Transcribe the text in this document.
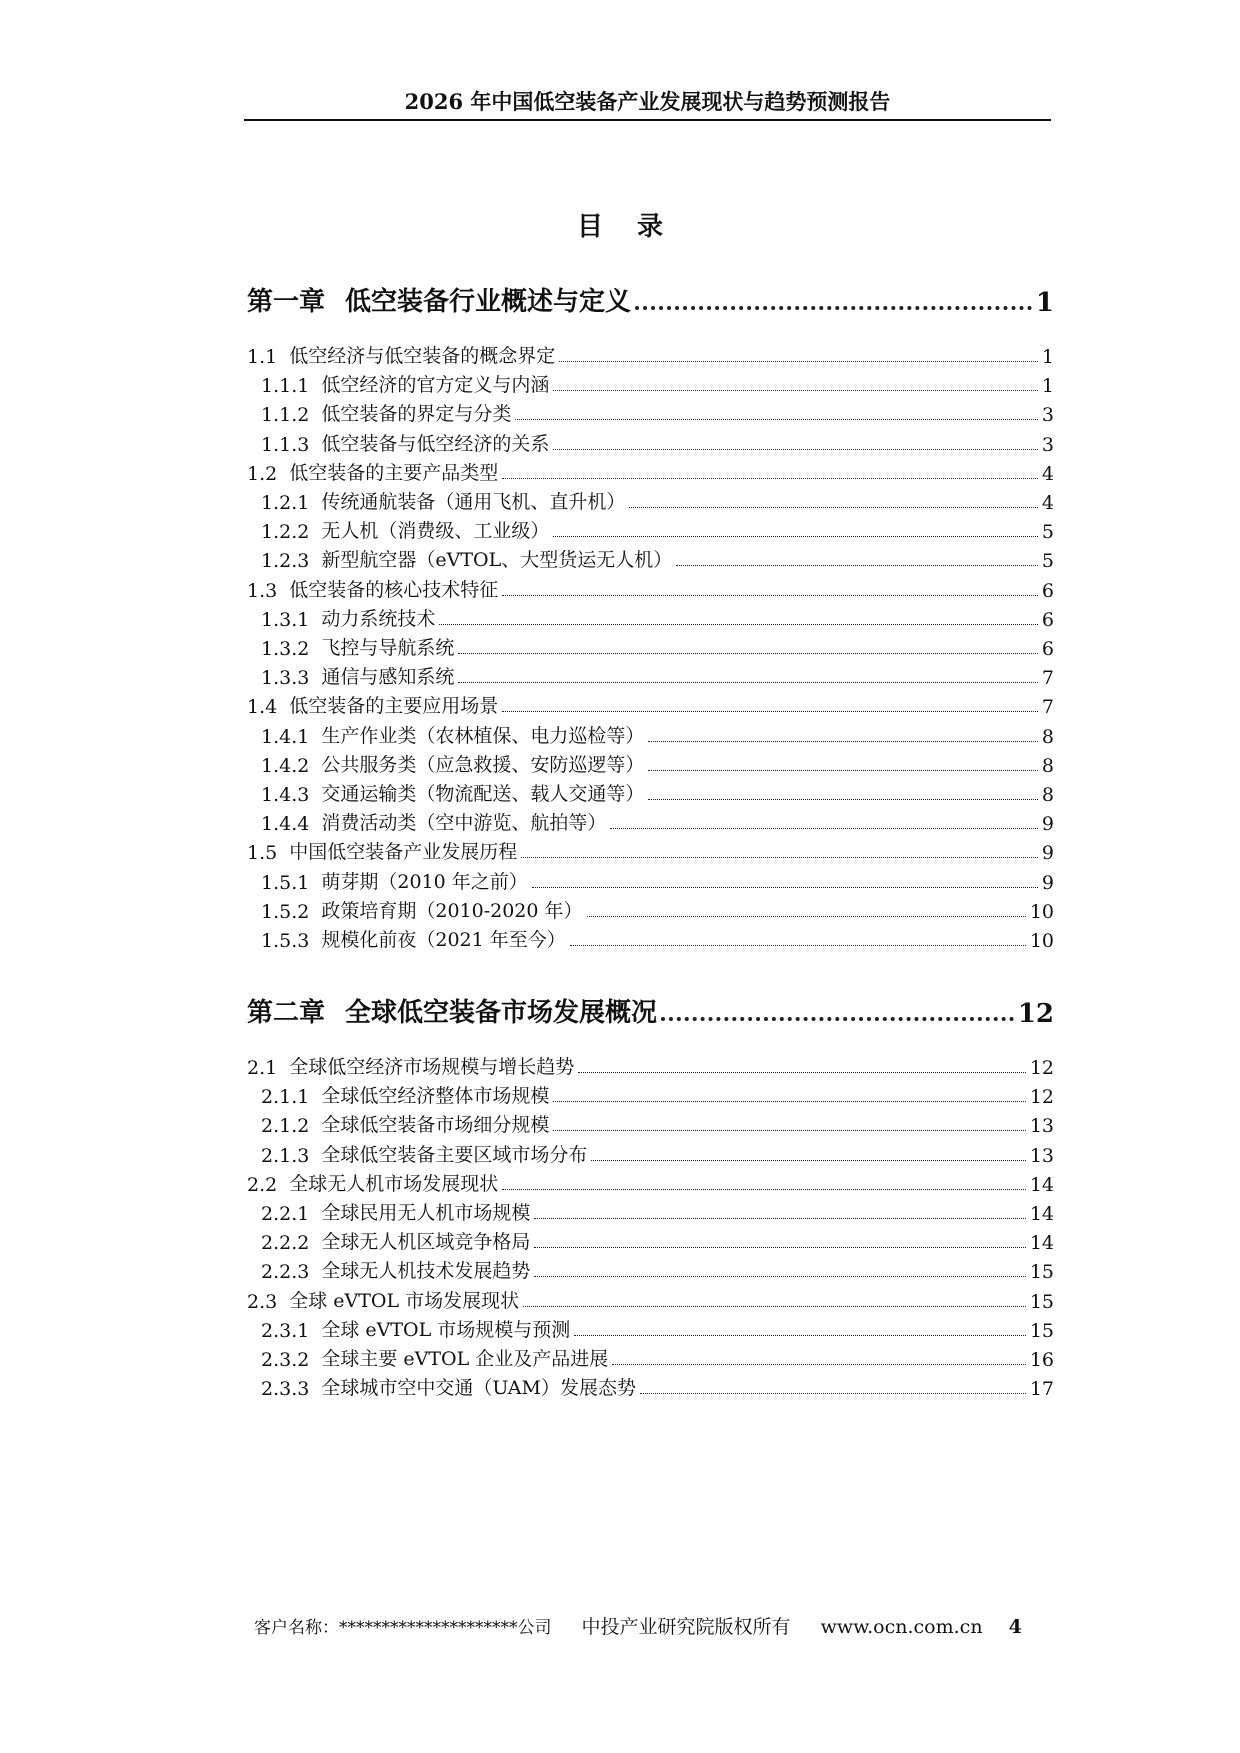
2026 年中国低空装备产业发展现状与趋势预测报告
目录
第一章 低空装备行业概述与定义	1
1.1 低空经济与低空装备的概念界定	1
1.1.1 低空经济的官方定义与内涵	1
1.1.2 低空装备的界定与分类	3
1.1.3 低空装备与低空经济的关系	3
1.2 低空装备的主要产品类型	4
1.2.1 传统通航装备（通用飞机、直升机）	4
1.2.2 无人机（消费级、工业级）	5
1.2.3 新型航空器（eVTOL、大型货运无人机）	5
1.3 低空装备的核心技术特征	6
1.3.1 动力系统技术	6
1.3.2 飞控与导航系统	6
1.3.3 通信与感知系统	7
1.4 低空装备的主要应用场景	7
1.4.1 生产作业类（农林植保、电力巡检等）	8
1.4.2 公共服务类（应急救援、安防巡逻等）	8
1.4.3 交通运输类（物流配送、载人交通等）	8
1.4.4 消费活动类（空中游览、航拍等）	9
1.5 中国低空装备产业发展历程	9
1.5.1 萌芽期（2010 年之前）	9
1.5.2 政策培育期（2010-2020 年）	10
1.5.3 规模化前夜（2021 年至今）	10
第二章 全球低空装备市场发展概况	12
2.1 全球低空经济市场规模与增长趋势	12
2.1.1 全球低空经济整体市场规模	12
2.1.2 全球低空装备市场细分规模	13
2.1.3 全球低空装备主要区域市场分布	13
2.2 全球无人机市场发展现状	14
2.2.1 全球民用无人机市场规模	14
2.2.2 全球无人机区域竞争格局	14
2.2.3 全球无人机技术发展趋势	15
2.3 全球 eVTOL 市场发展现状	15
2.3.1 全球 eVTOL 市场规模与预测	15
2.3.2 全球主要 eVTOL 企业及产品进展	16
2.3.3 全球城市空中交通（UAM）发展态势	17
客户名称：*********************公司 中投产业研究院版权所有 www.ocn.com.cn 4
